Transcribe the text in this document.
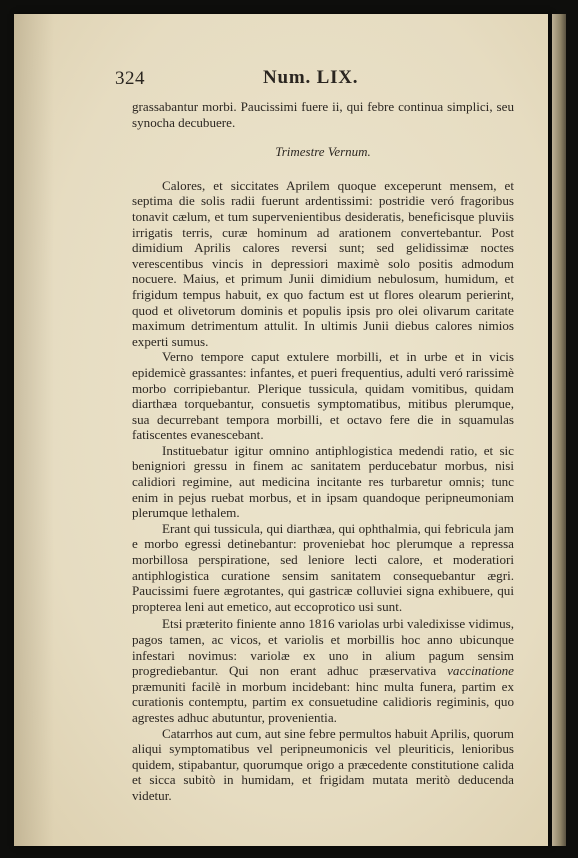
324	Num. LIX.

grassabantur morbi. Paucissimi fuere ii, qui febre continua simplici, seu synocha decubuere.

Trimestre Vernum.

Calores, et siccitates Aprilem quoque exceperunt mensem, et septima die solis radii fuerunt ardentissimi: postridie veró fragoribus tonavit cælum, et tum supervenientibus desideratis, beneficisque pluviis irrigatis terris, curæ hominum ad arationem convertebantur. Post dimidium Aprilis calores reversi sunt; sed gelidissimæ noctes verescentibus vincis in depressiori maximè solo positis admodum nocuere. Maius, et primum Junii dimidium nebulosum, humidum, et frigidum tempus habuit, ex quo factum est ut flores olearum perierint, quod et olivetorum dominis et populis ipsis pro olei olivarum caritate maximum detrimentum attulit. In ultimis Junii diebus calores nimios experti sumus.

Verno tempore caput extulere morbilli, et in urbe et in vicis epidemicè grassantes: infantes, et pueri frequentius, adulti veró rarissimè morbo corripiebantur. Plerique tussicula, quidam vomitibus, quidam diarthæa torquebantur, consuetis symptomatibus, mitibus plerumque, sua decurrebant tempora morbilli, et octavo fere die in squamulas fatiscentes evanescebant.

Instituebatur igitur omnino antiphlogistica medendi ratio, et sic benigniori gressu in finem ac sanitatem perducebatur morbus, nisi calidiori regimine, aut medicina incitante res turbaretur omnis; tunc enim in pejus ruebat morbus, et in ipsam quandoque peripneumoniam plerumque lethalem.

Erant qui tussicula, qui diarthæa, qui ophthalmia, qui febricula jam e morbo egressi detinebantur: proveniebat hoc plerumque a repressa morbillosa perspiratione, sed leniore lecti calore, et moderatiori antiphlogistica curatione sensim sanitatem consequebantur ægri. Paucissimi fuere ægrotantes, qui gastricæ colluviei signa exhibuere, qui propterea leni aut emetico, aut eccoprotico usi sunt.

Etsi præterito finiente anno 1816 variolas urbi valedixisse vidimus, pagos tamen, ac vicos, et variolis et morbillis hoc anno ubicunque infestari novimus: variolæ ex uno in alium pagum sensim progrediebantur. Qui non erant adhuc præservativa vaccinatione præmuniti facilè in morbum incidebant: hinc multa funera, partim ex curationis contemptu, partim ex consuetudine calidioris regiminis, quo agrestes adhuc abutuntur, provenientia.

Catarrhos aut cum, aut sine febre permultos habuit Aprilis, quorum aliqui symptomatibus vel peripneumonicis vel pleuriticis, lenioribus quidem, stipabantur, quorumque origo a præcedente constitutione calida et sicca subitò in humidam, et frigidam mutata meritò deducenda videtur.
